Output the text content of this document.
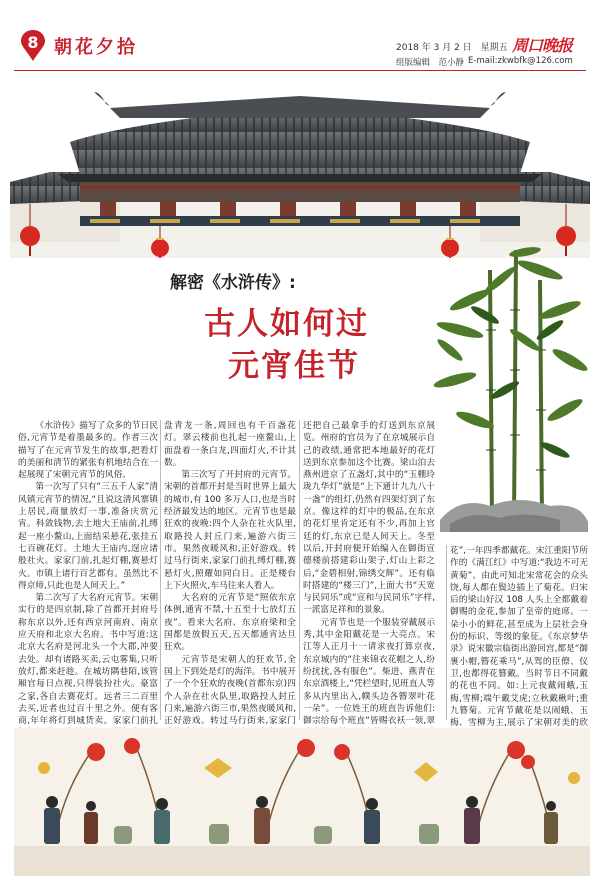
8 朝花夕拾	2018 年 3 月 2 日　星期五 周口晚报
组版编辑　范小静 E-mail:zkwbfk@126.com
解密《水浒传》:
古人如何过
元宵佳节

《水浒传》描写了众多的节日民俗,元宵节是着墨最多的。作者三次描写了在元宵节发生的故事,把看灯的美丽和清节的紧张有机地结合在一起展现了宋朝元宵节的风俗。

第一次写了只有“三五千人家”清风镇元宵节的情况,“且说这清风寨镇上居民,商量放灯一事,准备庆赏元宵。科敛钱物,去土地大王庙前,扎缚起一座小鳌山,上面结采悬花,张挂五七百碗花灯。土地大王庙内,逞应诸般社火。家家门前,扎起灯棚,赛悬灯火。市镇上诸行百艺都有。虽然比不得京师,只此也是人间天上。”

第二次写了大名府元宵节。宋朝实行的是四京制,除了首都开封府号称东京以外,还有西京河南府、南京应天府和北京大名府。书中写道:这北京大名府是河北头一个大郡,冲要去处。却有诸路买卖,云屯雾集,只听放灯,都来赶趁。在城坊隅巷陌,该管厢官每日点视,只得装扮社火。豪富之家,各自去赛花灯。远者三二百里去买,近者也过百十里之外。便有客商,年年将灯到城货卖。家家门前扎

盘青龙一条,周回也有千百盏花灯。翠云楼前也扎起一座鳌山,上面盘着一条白龙,四面灯火,不计其数。

第三次写了开封府的元宵节。宋朝的首都开封是当时世界上最大的城市,有 100 多万人口,也是当时经济最发达的地区。元宵节也是最狂欢的夜晚:四个人杂在社火队里,取路投人封丘门来,遍游六街三市。果然夜暖风和,正好游戏。转过马行街来,家家门前扎缚灯棚,赛悬灯火,照耀如同白日。正是楼台上下火照火,车马往来人看人。

大名府的元宵节是“照依东京体例,通宵不禁,十五至十七放灯五夜”。看来大名府、东京府梁和全国都是放假五天,五天都通宵达旦狂欢。

元宵节是宋朝人的狂欢节,全国上下到处是灯的海洋。书中展开了一个个狂欢的夜晚(首都东京)四个人杂在社火队里,取路投人封丘门来,遍游六街三市,果然夜暖风和,正好游戏。转过马行街来,家家门

还把自己最拿手的灯送到东京展览。州府的官员为了在京城展示自己的政绩,通常把本地最好的花灯送到东京参加这个比赛。梁山泊去燕州进京了五盏灯,其中的“玉棚玲珑九华灯”就是“上下通计九九八十一盏”的组灯,仍然有四架灯到了东京。像这样的灯中的极品,在东京的花灯里肯定还有不少,再加上官廷的灯,东京已是人间天上。冬至以后,开封府便开始编入在御街宣德楼前搭建彩山架子,灯山上彩之后,“金碧相射,锦绣交辉”。还有临时搭建的“楼三门”,上面大书“天宽与民同乐”或“宣和与民同乐”字样,一派富足祥和的景象。

元宵节也是一个服装穿戴展示秀,其中金阳戴花是一大亮点。宋江等人正月十一请求夜打算京夜,东京城内的“往来锦衣花帽之人,纷纷扰扰,各有服色”。柴进、燕青在东京酒楼上,“凭栏望时,见班直人等多从内里出入,幞头边各簪翠叶花一朵”。一位姓王的班直告诉他们:御宗给每个班直“皆赐衣袄一领,翠

花”,一年四季都戴花。宋江重阳节所作的《满江红》中写道:“我边不可无黄菊”。由此可知北宋常花会的众头饶,每人都在鬓边插上了菊花。归宋后的梁山好汉 108 人头上全都戴着御赐的金花,参加了皇帝的庭席。一朵小小的鲜花,甚至成为上层社会身份的标识、等级的象征。《东京梦华录》说宋徽宗临街出游回宫,都是“御裹小帽,簪花乘马”,从驾的臣僚、仪卫,也都得花簪戴。当时节日不同戴的花也不同。如:上元夜戴闹蛾,玉梅,雪柳;端午戴艾虎;立秋戴楸叶;重九簪菊。元宵节戴花是以闹蛾、玉梅、雪柳为主,展示了宋朝对美的欣
